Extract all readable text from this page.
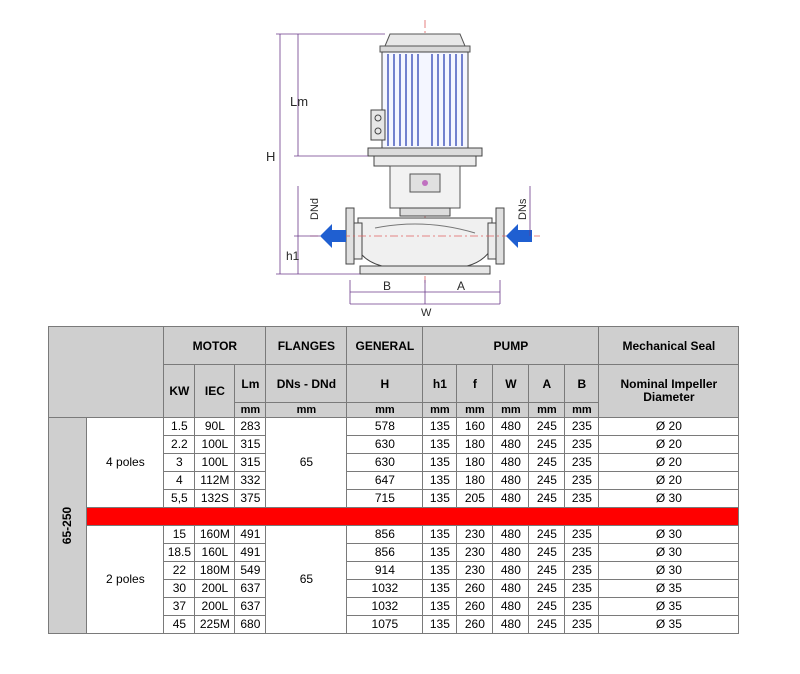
Lm
H
DNd	DNs
h1
B	A
W
		MOTOR			FLANGES	GENERAL	PUMP					Mechanical Seal
		KW	IEC	Lm	DNs - DNd	H	h1	f	W	A	B	Nominal Impeller Diameter
				mm	mm	mm	mm	mm	mm	mm	mm	
65-250	4 poles	1.5	90L	283	65	578	135	160	480	245	235	Ø 20
		2.2	100L	315		630	135	180	480	245	235	Ø 20
		3	100L	315		630	135	180	480	245	235	Ø 20
		4	112M	332		647	135	180	480	245	235	Ø 20
		5,5	132S	375		715	135	205	480	245	235	Ø 30

	2 poles	15	160M	491	65	856	135	230	480	245	235	Ø 30
		18.5	160L	491		856	135	230	480	245	235	Ø 30
		22	180M	549		914	135	230	480	245	235	Ø 30
		30	200L	637		1032	135	260	480	245	235	Ø 35
		37	200L	637		1032	135	260	480	245	235	Ø 35
		45	225M	680		1075	135	260	480	245	235	Ø 35
